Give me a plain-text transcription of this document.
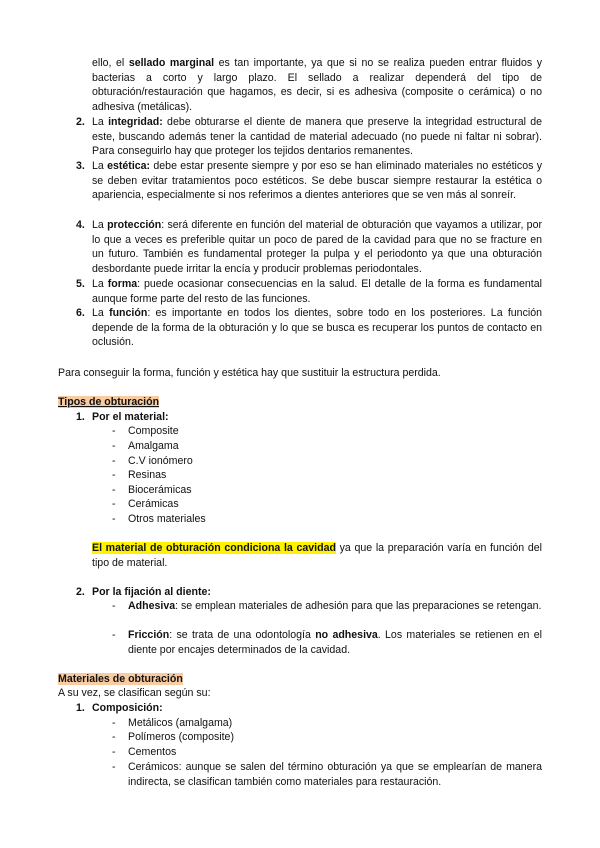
ello, el sellado marginal es tan importante, ya que si no se realiza pueden entrar fluidos y bacterias a corto y largo plazo. El sellado a realizar dependerá del tipo de obturación/restauración que hagamos, es decir, si es adhesiva (composite o cerámica) o no adhesiva (metálicas).
2. La integridad: debe obturarse el diente de manera que preserve la integridad estructural de este, buscando además tener la cantidad de material adecuado (no puede ni faltar ni sobrar). Para conseguirlo hay que proteger los tejidos dentarios remanentes.
3. La estética: debe estar presente siempre y por eso se han eliminado materiales no estéticos y se deben evitar tratamientos poco estéticos. Se debe buscar siempre restaurar la estética o apariencia, especialmente si nos referimos a dientes anteriores que se ven más al sonreír.
4. La protección: será diferente en función del material de obturación que vayamos a utilizar, por lo que a veces es preferible quitar un poco de pared de la cavidad para que no se fracture en un futuro. También es fundamental proteger la pulpa y el periodonto ya que una obturación desbordante puede irritar la encía y producir problemas periodontales.
5. La forma: puede ocasionar consecuencias en la salud. El detalle de la forma es fundamental aunque forme parte del resto de las funciones.
6. La función: es importante en todos los dientes, sobre todo en los posteriores. La función depende de la forma de la obturación y lo que se busca es recuperar los puntos de contacto en oclusión.
Para conseguir la forma, función y estética hay que sustituir la estructura perdida.
Tipos de obturación
1. Por el material:
- Composite
- Amalgama
- C.V ionómero
- Resinas
- Biocerámicas
- Cerámicas
- Otros materiales
El material de obturación condiciona la cavidad ya que la preparación varía en función del tipo de material.
2. Por la fijación al diente:
- Adhesiva: se emplean materiales de adhesión para que las preparaciones se retengan.
- Fricción: se trata de una odontología no adhesiva. Los materiales se retienen en el diente por encajes determinados de la cavidad.
Materiales de obturación
A su vez, se clasifican según su:
1. Composición:
- Metálicos (amalgama)
- Polímeros (composite)
- Cementos
- Cerámicos: aunque se salen del término obturación ya que se emplearían de manera indirecta, se clasifican también como materiales para restauración.
